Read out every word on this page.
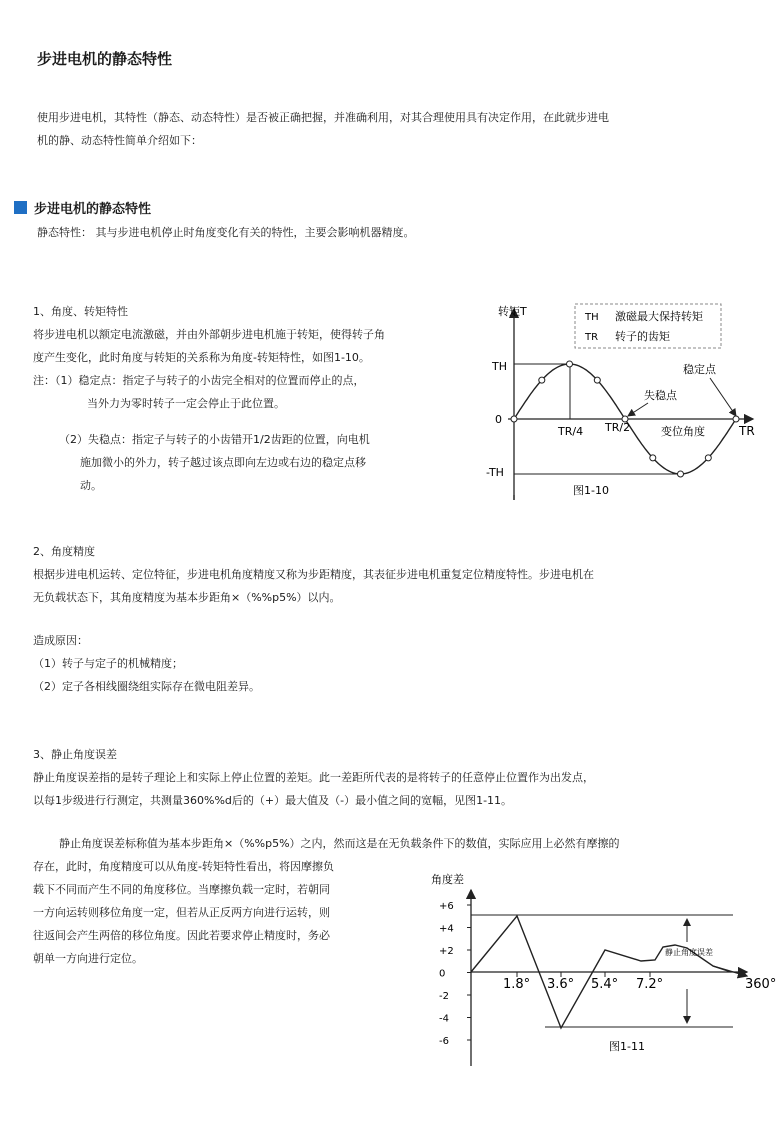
步进电机的静态特性
使用步进电机，其特性（静态、动态特性）是否被正确把握，并准确利用，对其合理使用具有决定作用，在此就步进电
机的静、动态特性简单介绍如下：
步进电机的静态特性
静态特性： 其与步进电机停止时角度变化有关的特性，主要会影响机器精度。
1、角度、转矩特性
将步进电机以额定电流激磁，并由外部朝步进电机施于转矩，使得转子角
度产生变化，此时角度与转矩的关系称为角度-转矩特性，如图1-10。
注：（1）稳定点：指定子与转子的小齿完全相对的位置而停止的点，
当外力为零时转子一定会停止于此位置。
（2）失稳点：指定子与转子的小齿错开1/2齿距的位置，向电机
施加微小的外力，转子越过该点即向左边或右边的稳定点移
动。
TH 激磁最大保持转矩
TR 转子的齿矩
转矩T
TH
0
-TH
TR/4 TR/2	TR
变位角度
稳定点
失稳点
图1-10
2、角度精度
根据步进电机运转、定位特征，步进电机角度精度又称为步距精度，其表征步进电机重复定位精度特性。步进电机在
无负载状态下，其角度精度为基本步距角×（%%p5%）以内。
造成原因：
（1）转子与定子的机械精度；
（2）定子各相线圈绕组实际存在微电阻差异。
3、静止角度误差
静止角度误差指的是转子理论上和实际上停止位置的差矩。此一差距所代表的是将转子的任意停止位置作为出发点，
以每1步级进行行测定，共测量360%%d后的（+）最大值及（-）最小值之间的宽幅，见图1-11。
静止角度误差标称值为基本步距角×（%%p5%）之内，然而这是在无负载条件下的数值，实际应用上必然有摩擦的
存在，此时，角度精度可以从角度-转矩特性看出，将因摩擦负
载下不同而产生不同的角度移位。当摩擦负载一定时，若朝同
一方向运转则移位角度一定，但若从正反两方向进行运转，则
往返间会产生两倍的移位角度。因此若要求停止精度时，务必
朝单一方向进行定位。
角度差
+6
+4
+2
0
-2
-4
-6
1.8° 3.6° 5.4° 7.2°	360°
静止角度误差
图1-11
